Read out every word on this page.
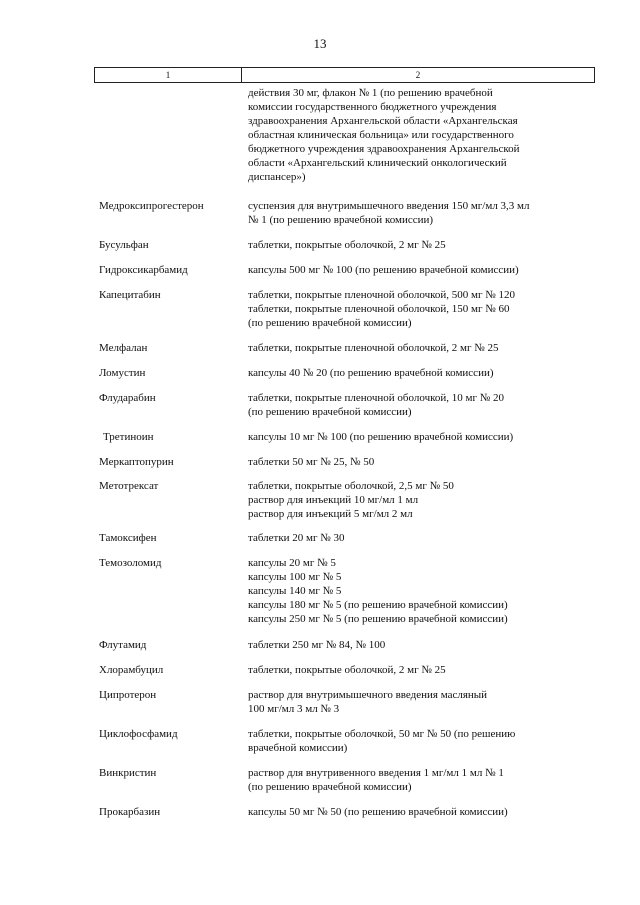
13
1	2
действия 30 мг, флакон № 1 (по решению врачебной
комиссии государственного бюджетного учреждения
здравоохранения Архангельской области «Архангельская
областная клиническая больница» или государственного
бюджетного учреждения здравоохранения Архангельской
области «Архангельский клинический онкологический
диспансер»)
Медроксипрогестерон	суспензия для внутримышечного введения 150 мг/мл 3,3 мл
№ 1 (по решению врачебной комиссии)
Бусульфан	таблетки, покрытые оболочкой, 2 мг № 25
Гидроксикарбамид	капсулы 500 мг № 100 (по решению врачебной комиссии)
Капецитабин	таблетки, покрытые пленочной оболочкой, 500 мг № 120
таблетки, покрытые пленочной оболочкой, 150 мг № 60
(по решению врачебной комиссии)
Мелфалан	таблетки, покрытые пленочной оболочкой, 2 мг № 25
Ломустин	капсулы 40 № 20 (по решению врачебной комиссии)
Флударабин	таблетки, покрытые пленочной оболочкой, 10 мг № 20
(по решению врачебной комиссии)
Третиноин	капсулы 10 мг № 100 (по решению врачебной комиссии)
Меркаптопурин	таблетки 50 мг № 25, № 50
Метотрексат	таблетки, покрытые оболочкой, 2,5 мг № 50
раствор для инъекций 10 мг/мл 1 мл
раствор для инъекций 5 мг/мл 2 мл
Тамоксифен	таблетки 20 мг № 30
Темозоломид	капсулы 20 мг № 5
капсулы 100 мг № 5
капсулы 140 мг № 5
капсулы 180 мг № 5 (по решению врачебной комиссии)
капсулы 250 мг № 5 (по решению врачебной комиссии)
Флутамид	таблетки 250 мг № 84, № 100
Хлорамбуцил	таблетки, покрытые оболочкой, 2 мг № 25
Ципротерон	раствор для внутримышечного введения масляный
100 мг/мл 3 мл № 3
Циклофосфамид	таблетки, покрытые оболочкой, 50 мг № 50 (по решению
врачебной комиссии)
Винкристин	раствор для внутривенного введения 1 мг/мл 1 мл № 1
(по решению врачебной комиссии)
Прокарбазин	капсулы 50 мг № 50 (по решению врачебной комиссии)
